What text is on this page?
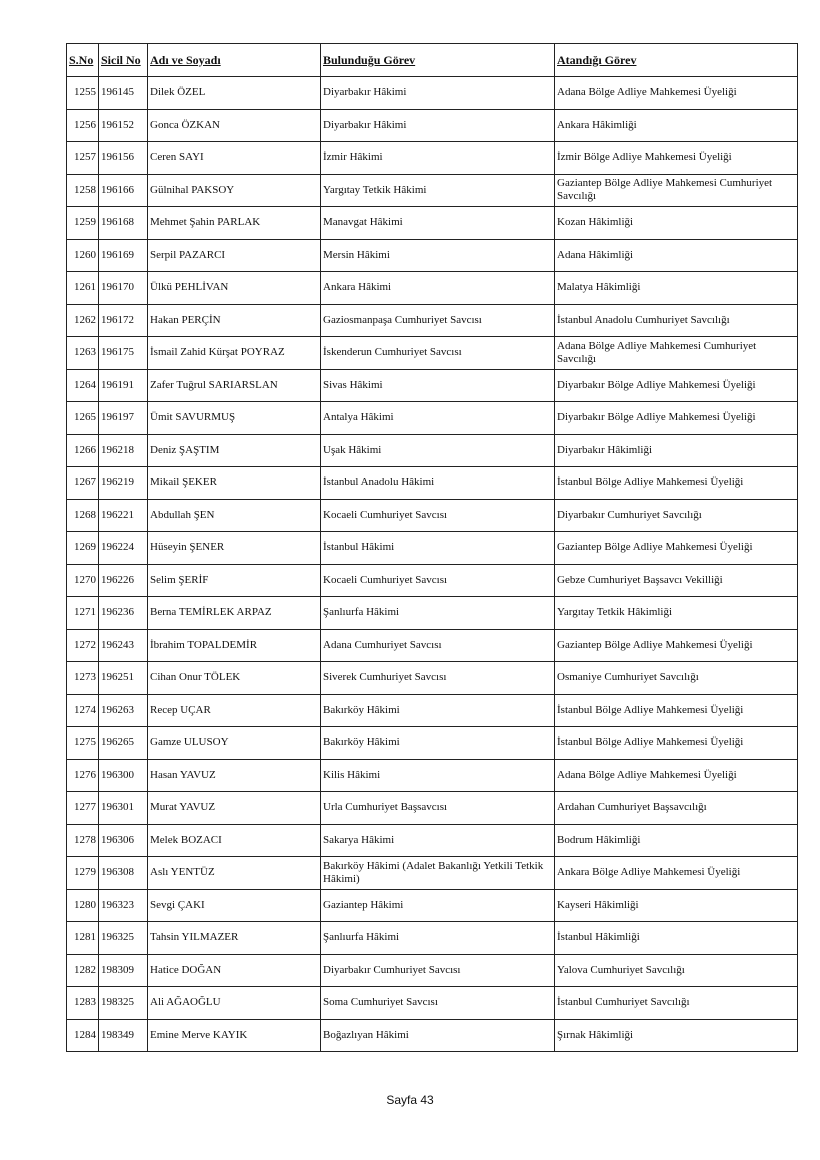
S.No	Sicil No	Adı ve Soyadı	Bulunduğu Görev	Atandığı Görev
1255	196145	Dilek ÖZEL	Diyarbakır Hâkimi	Adana Bölge Adliye Mahkemesi Üyeliği
1256	196152	Gonca ÖZKAN	Diyarbakır Hâkimi	Ankara Hâkimliği
1257	196156	Ceren SAYI	İzmir Hâkimi	İzmir Bölge Adliye Mahkemesi Üyeliği
1258	196166	Gülnihal PAKSOY	Yargıtay Tetkik Hâkimi	Gaziantep Bölge Adliye Mahkemesi Cumhuriyet Savcılığı
1259	196168	Mehmet Şahin PARLAK	Manavgat Hâkimi	Kozan Hâkimliği
1260	196169	Serpil PAZARCI	Mersin Hâkimi	Adana Hâkimliği
1261	196170	Ülkü PEHLİVAN	Ankara Hâkimi	Malatya Hâkimliği
1262	196172	Hakan PERÇİN	Gaziosmanpaşa Cumhuriyet Savcısı	İstanbul Anadolu Cumhuriyet Savcılığı
1263	196175	İsmail Zahid Kürşat POYRAZ	İskenderun Cumhuriyet Savcısı	Adana Bölge Adliye Mahkemesi Cumhuriyet Savcılığı
1264	196191	Zafer Tuğrul SARIARSLAN	Sivas Hâkimi	Diyarbakır Bölge Adliye Mahkemesi Üyeliği
1265	196197	Ümit SAVURMUŞ	Antalya Hâkimi	Diyarbakır Bölge Adliye Mahkemesi Üyeliği
1266	196218	Deniz ŞAŞTIM	Uşak Hâkimi	Diyarbakır Hâkimliği
1267	196219	Mikail ŞEKER	İstanbul Anadolu Hâkimi	İstanbul Bölge Adliye Mahkemesi Üyeliği
1268	196221	Abdullah ŞEN	Kocaeli Cumhuriyet Savcısı	Diyarbakır Cumhuriyet Savcılığı
1269	196224	Hüseyin ŞENER	İstanbul Hâkimi	Gaziantep Bölge Adliye Mahkemesi Üyeliği
1270	196226	Selim ŞERİF	Kocaeli Cumhuriyet Savcısı	Gebze Cumhuriyet Başsavcı Vekilliği
1271	196236	Berna TEMİRLEK ARPAZ	Şanlıurfa Hâkimi	Yargıtay Tetkik Hâkimliği
1272	196243	İbrahim TOPALDEMİR	Adana Cumhuriyet Savcısı	Gaziantep Bölge Adliye Mahkemesi Üyeliği
1273	196251	Cihan Onur TÖLEK	Siverek Cumhuriyet Savcısı	Osmaniye Cumhuriyet Savcılığı
1274	196263	Recep UÇAR	Bakırköy Hâkimi	İstanbul Bölge Adliye Mahkemesi Üyeliği
1275	196265	Gamze ULUSOY	Bakırköy Hâkimi	İstanbul Bölge Adliye Mahkemesi Üyeliği
1276	196300	Hasan YAVUZ	Kilis Hâkimi	Adana Bölge Adliye Mahkemesi Üyeliği
1277	196301	Murat YAVUZ	Urla Cumhuriyet Başsavcısı	Ardahan Cumhuriyet Başsavcılığı
1278	196306	Melek BOZACI	Sakarya Hâkimi	Bodrum Hâkimliği
1279	196308	Aslı YENTÜZ	Bakırköy Hâkimi (Adalet Bakanlığı Yetkili Tetkik Hâkimi)	Ankara Bölge Adliye Mahkemesi Üyeliği
1280	196323	Sevgi ÇAKI	Gaziantep Hâkimi	Kayseri Hâkimliği
1281	196325	Tahsin YILMAZER	Şanlıurfa Hâkimi	İstanbul Hâkimliği
1282	198309	Hatice DOĞAN	Diyarbakır Cumhuriyet Savcısı	Yalova Cumhuriyet Savcılığı
1283	198325	Ali AĞAOĞLU	Soma Cumhuriyet Savcısı	İstanbul Cumhuriyet Savcılığı
1284	198349	Emine Merve KAYIK	Boğazlıyan Hâkimi	Şırnak Hâkimliği
Sayfa 43
